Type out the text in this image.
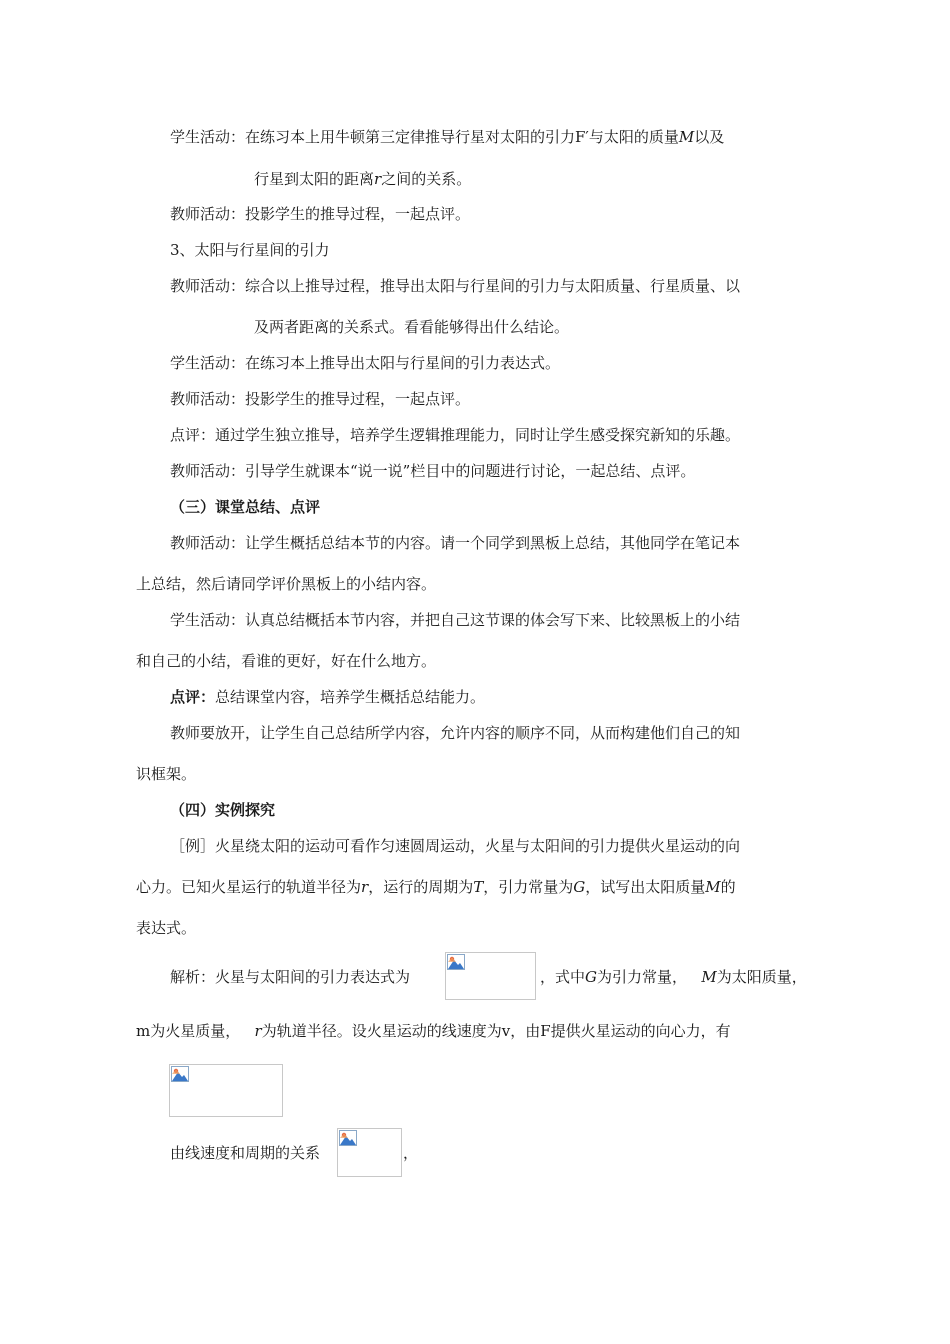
学生活动：在练习本上用牛顿第三定律推导行星对太阳的引力F′与太阳的质量M以及
行星到太阳的距离r之间的关系。
教师活动：投影学生的推导过程，一起点评。
3、太阳与行星间的引力
教师活动：综合以上推导过程，推导出太阳与行星间的引力与太阳质量、行星质量、以
及两者距离的关系式。看看能够得出什么结论。
学生活动：在练习本上推导出太阳与行星间的引力表达式。
教师活动：投影学生的推导过程，一起点评。
点评：通过学生独立推导，培养学生逻辑推理能力，同时让学生感受探究新知的乐趣。
教师活动：引导学生就课本“说一说”栏目中的问题进行讨论，一起总结、点评。
（三）课堂总结、点评
教师活动：让学生概括总结本节的内容。请一个同学到黑板上总结，其他同学在笔记本
上总结，然后请同学评价黑板上的小结内容。
学生活动：认真总结概括本节内容，并把自己这节课的体会写下来、比较黑板上的小结
和自己的小结，看谁的更好，好在什么地方。
点评：总结课堂内容，培养学生概括总结能力。
教师要放开，让学生自己总结所学内容，允许内容的顺序不同，从而构建他们自己的知
识框架。
（四）实例探究
［例］火星绕太阳的运动可看作匀速圆周运动，火星与太阳间的引力提供火星运动的向
心力。已知火星运行的轨道半径为r，运行的周期为T，引力常量为G，试写出太阳质量M的
表达式。
解析：火星与太阳间的引力表达式为	，式中G为引力常量， M为太阳质量，
m为火星质量， r为轨道半径。设火星运动的线速度为v，由F提供火星运动的向心力，有
由线速度和周期的关系	，
